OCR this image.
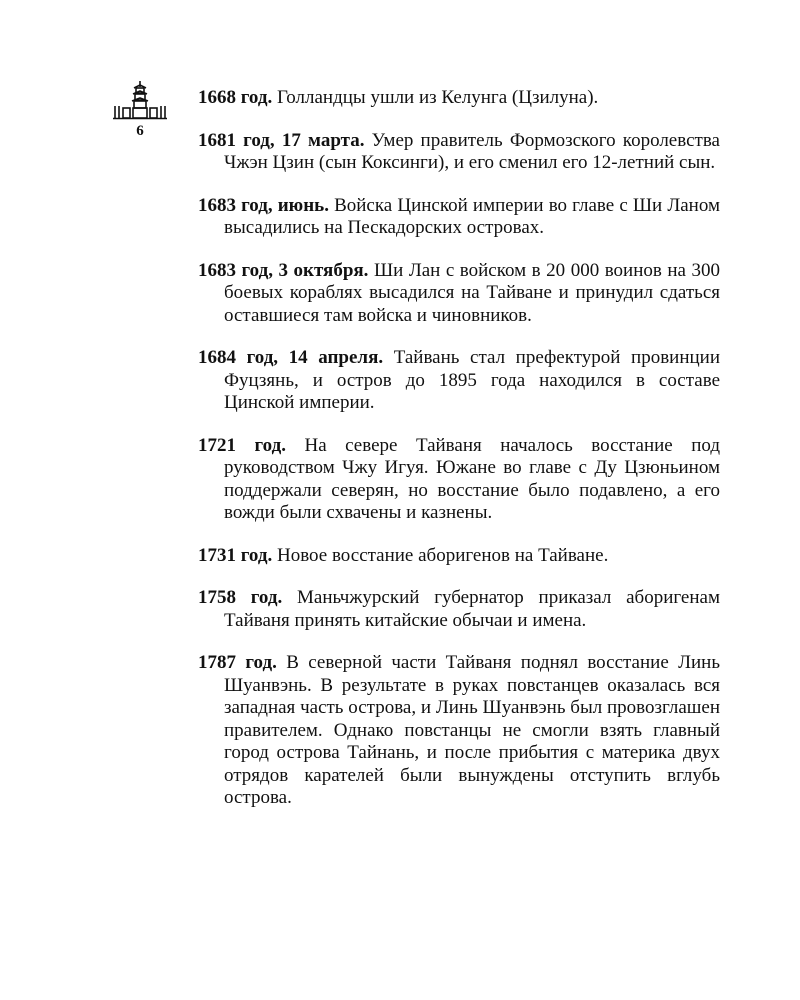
6

1668 год. Голландцы ушли из Келунга (Цзилуна).

1681 год, 17 марта. Умер правитель Формозского королевства Чжэн Цзин (сын Коксинги), и его сменил его 12-летний сын.

1683 год, июнь. Войска Цинской империи во главе с Ши Ланом высадились на Пескадорских островах.

1683 год, 3 октября. Ши Лан с войском в 20 000 воинов на 300 боевых кораблях высадился на Тайване и принудил сдаться оставшиеся там войска и чиновников.

1684 год, 14 апреля. Тайвань стал префектурой провинции Фуцзянь, и остров до 1895 года находился в составе Цинской империи.

1721 год. На севере Тайваня началось восстание под руководством Чжу Игуя. Южане во главе с Ду Цзюньином поддержали северян, но восстание было подавлено, а его вожди были схвачены и казнены.

1731 год. Новое восстание аборигенов на Тайване.

1758 год. Маньчжурский губернатор приказал аборигенам Тайваня принять китайские обычаи и имена.

1787 год. В северной части Тайваня поднял восстание Линь Шуанвэнь. В результате в руках повстанцев оказалась вся западная часть острова, и Линь Шуанвэнь был провозглашен правителем. Однако повстанцы не смогли взять главный город острова Тайнань, и после прибытия с материка двух отрядов карателей были вынуждены отступить вглубь острова.
